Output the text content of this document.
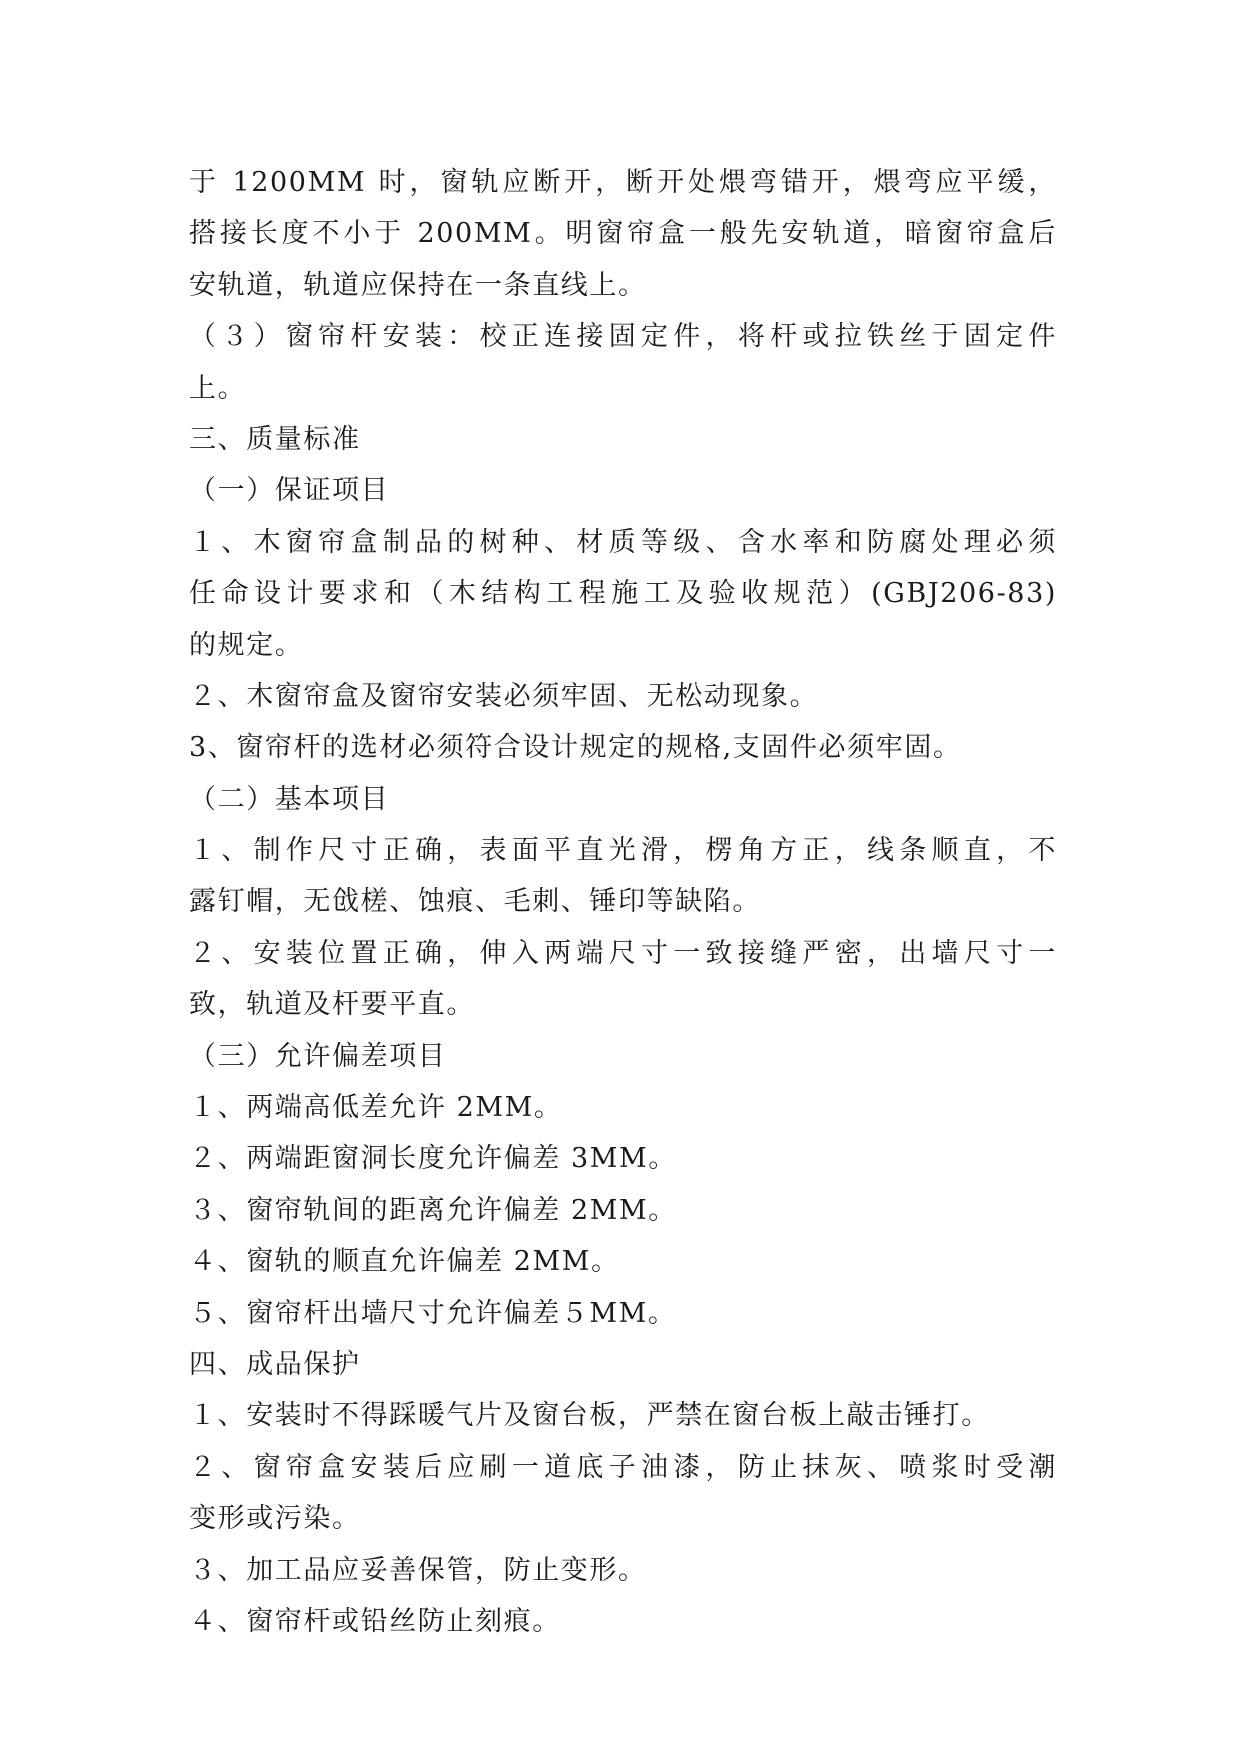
于 1200MM 时，窗轨应断开，断开处煨弯错开，煨弯应平缓，
搭接长度不小于 200MM。明窗帘盒一般先安轨道，暗窗帘盒后
安轨道，轨道应保持在一条直线上。
（３）窗帘杆安装：校正连接固定件，将杆或拉铁丝于固定件
上。
三、质量标准
（一）保证项目
１、木窗帘盒制品的树种、材质等级、含水率和防腐处理必须
任命设计要求和（木结构工程施工及验收规范）(GBJ206-83)
的规定。
２、木窗帘盒及窗帘安装必须牢固、无松动现象。
3、窗帘杆的选材必须符合设计规定的规格,支固件必须牢固。
（二）基本项目
１、制作尺寸正确，表面平直光滑，楞角方正，线条顺直，不
露钉帽，无戗槎、蚀痕、毛刺、锤印等缺陷。
２、安装位置正确，伸入两端尺寸一致接缝严密，出墙尺寸一
致，轨道及杆要平直。
（三）允许偏差项目
１、两端高低差允许 2MM。
２、两端距窗洞长度允许偏差 3MM。
３、窗帘轨间的距离允许偏差 2MM。
４、窗轨的顺直允许偏差 2MM。
５、窗帘杆出墙尺寸允许偏差５MM。
四、成品保护
１、安装时不得踩暖气片及窗台板，严禁在窗台板上敲击锤打。
２、窗帘盒安装后应刷一道底子油漆，防止抹灰、喷浆时受潮
变形或污染。
３、加工品应妥善保管，防止变形。
４、窗帘杆或铅丝防止刻痕。
